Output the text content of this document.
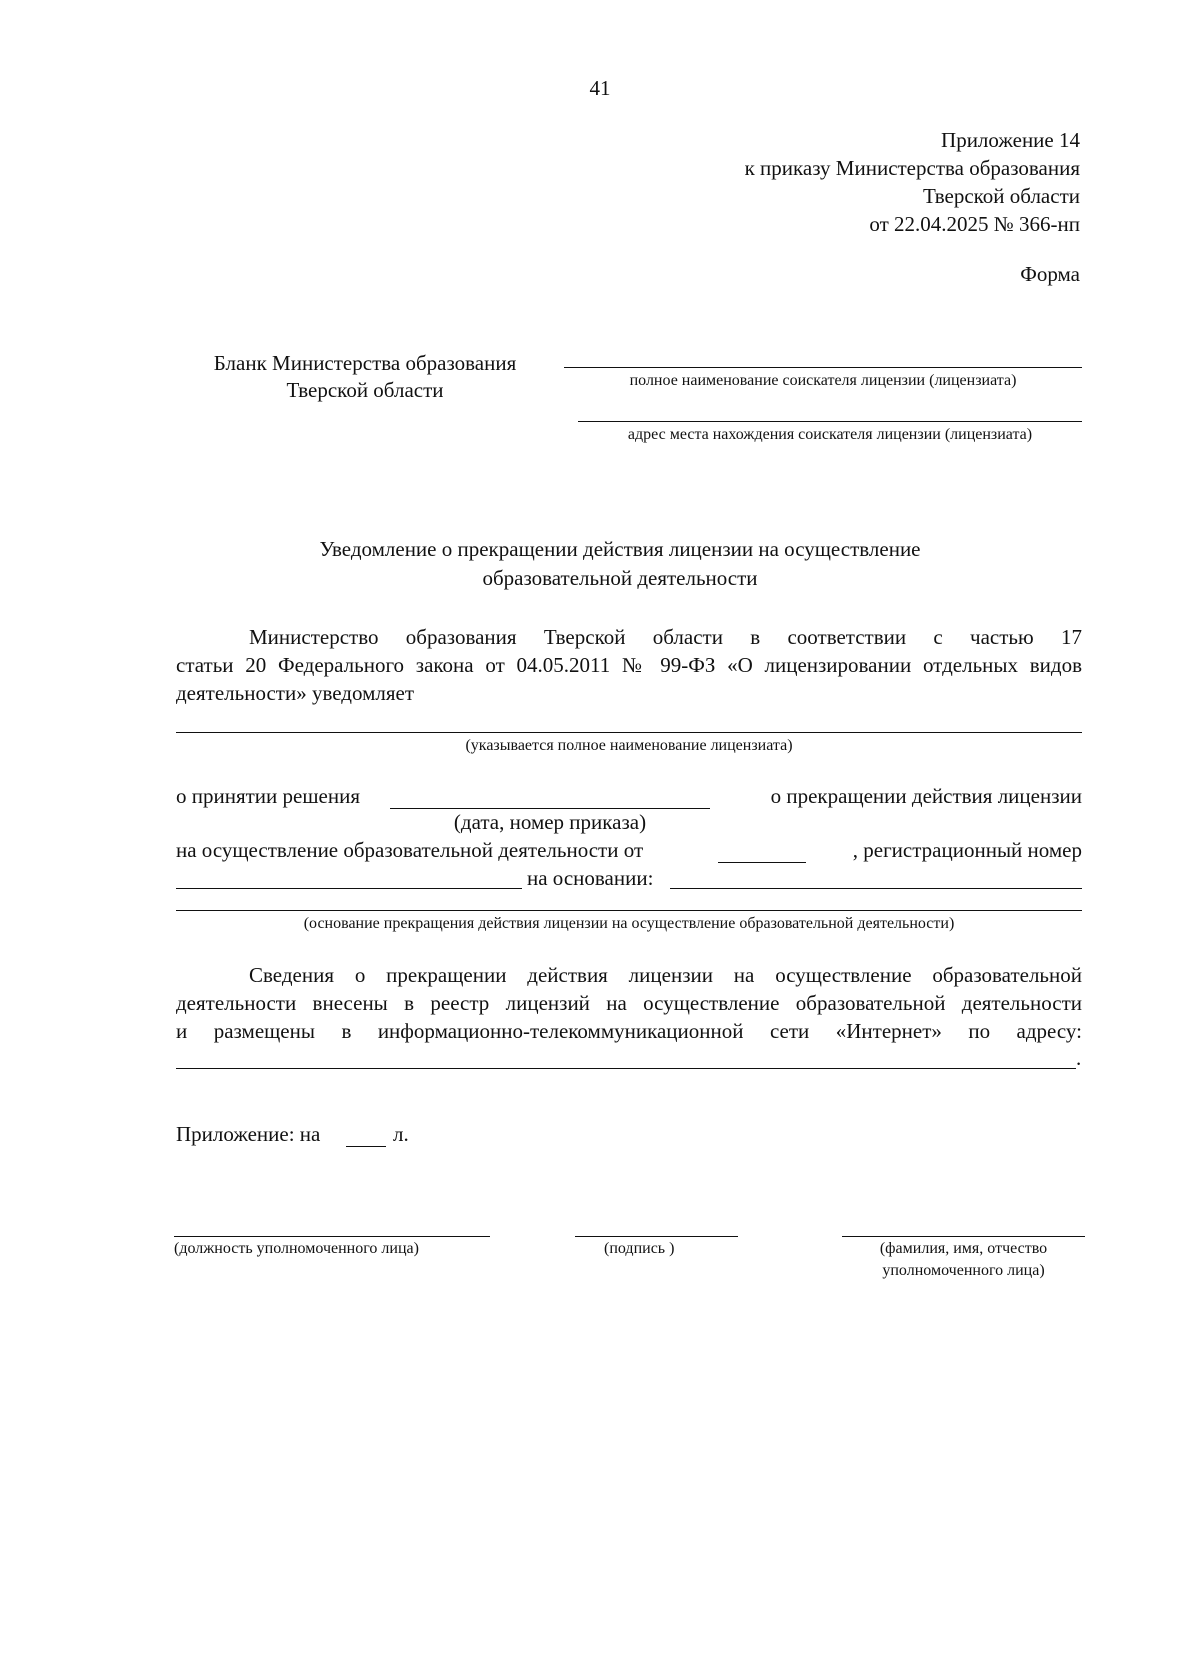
41
Приложение 14
к приказу Министерства образования
Тверской области
от 22.04.2025 № 366-нп
Форма
Бланк Министерства образования
Тверской области	полное наименование соискателя лицензии (лицензиата)
адрес места нахождения соискателя лицензии (лицензиата)
Уведомление о прекращении действия лицензии на осуществление
образовательной деятельности
Министерство образования Тверской области в соответствии с частью 17
статьи 20 Федерального закона от 04.05.2011 № 99-ФЗ «О лицензировании отдельных видов
деятельности» уведомляет
(указывается полное наименование лицензиата)
о принятии решения	о прекращении действия лицензии
(дата, номер приказа)
на осуществление образовательной деятельности от	, регистрационный номер
на основании:
(основание прекращения действия лицензии на осуществление образовательной деятельности)
Сведения о прекращении действия лицензии на осуществление образовательной
деятельности внесены в реестр лицензий на осуществление образовательной деятельности
и размещены в информационно-телекоммуникационной сети «Интернет» по адресу:
.
Приложение: на	л.
(должность уполномоченного лица)	(подпись )	(фамилия, имя, отчество
уполномоченного лица)
